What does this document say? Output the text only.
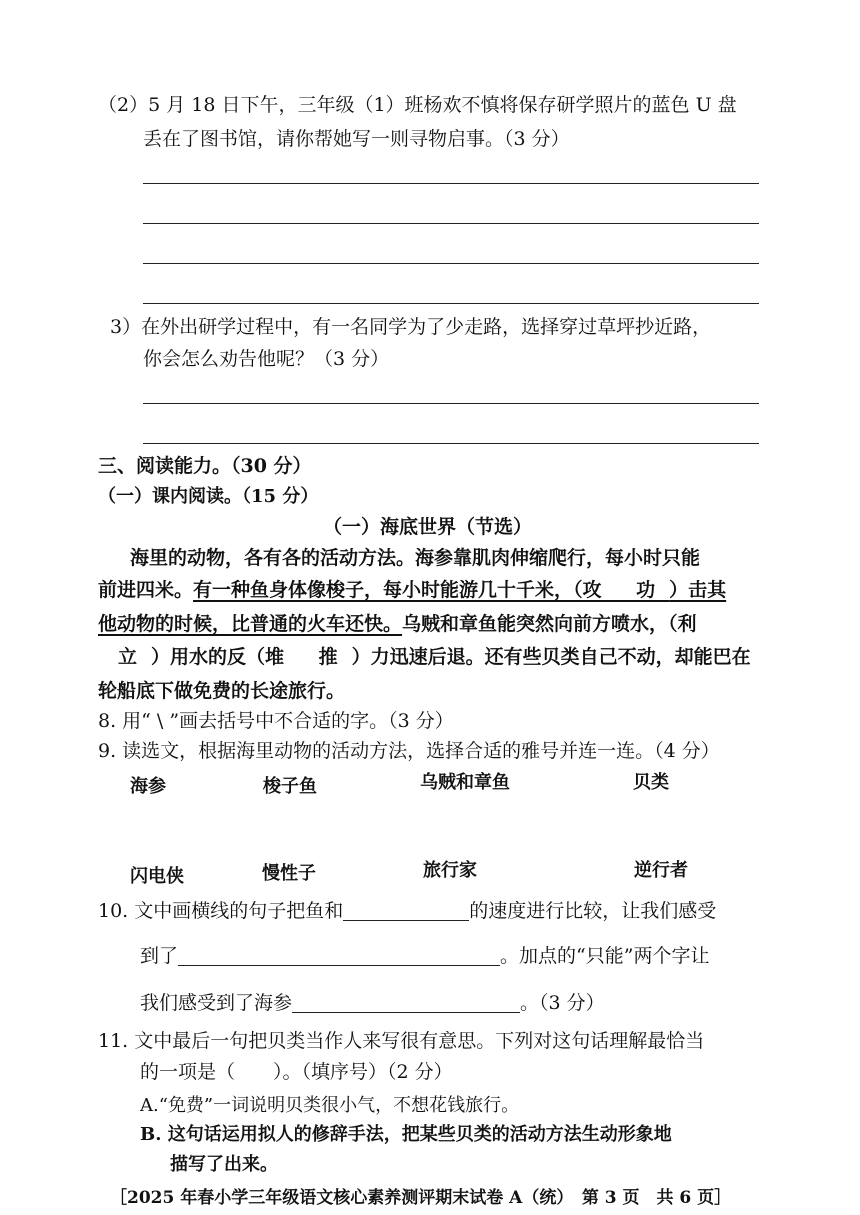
（2）5 月 18 日下午，三年级（1）班杨欢不慎将保存研学照片的蓝色 U 盘
丢在了图书馆，请你帮她写一则寻物启事。（3 分）
3）在外出研学过程中，有一名同学为了少走路，选择穿过草坪抄近路，
你会怎么劝告他呢？（3 分）
三、阅读能力。（30 分）
（一）课内阅读。（15 分）
（一）海底世界（节选）
海里的动物，各有各的活动方法。海参靠肌肉伸缩爬行，每小时只能
前进四米。有一种鱼身体像梭子，每小时能游几十千米，（攻 功）击其
他动物的时候，比普通的火车还快。乌贼和章鱼能突然向前方喷水，（利
立）用水的反（堆 推）力迅速后退。还有些贝类自己不动，却能巴在
轮船底下做免费的长途旅行。
8. 用“ \ ”画去括号中不合适的字。（3 分）
9. 读选文，根据海里动物的活动方法，选择合适的雅号并连一连。（4 分）
海参	梭子鱼	乌贼和章鱼	贝类
闪电侠	慢性子	旅行家	逆行者
10. 文中画横线的句子把鱼和	的速度进行比较，让我们感受
到了	。加点的“只能”两个字让
我们感受到了海参	。（3 分）
11. 文中最后一句把贝类当作人来写很有意思。下列对这句话理解最恰当
的一项是（　　）。（填序号）（2 分）
A.“免费”一词说明贝类很小气，不想花钱旅行。
B. 这句话运用拟人的修辞手法，把某些贝类的活动方法生动形象地
描写了出来。
［2025 年春小学三年级语文核心素养测评期末试卷 A（统）　第 3 页　共 6 页］
